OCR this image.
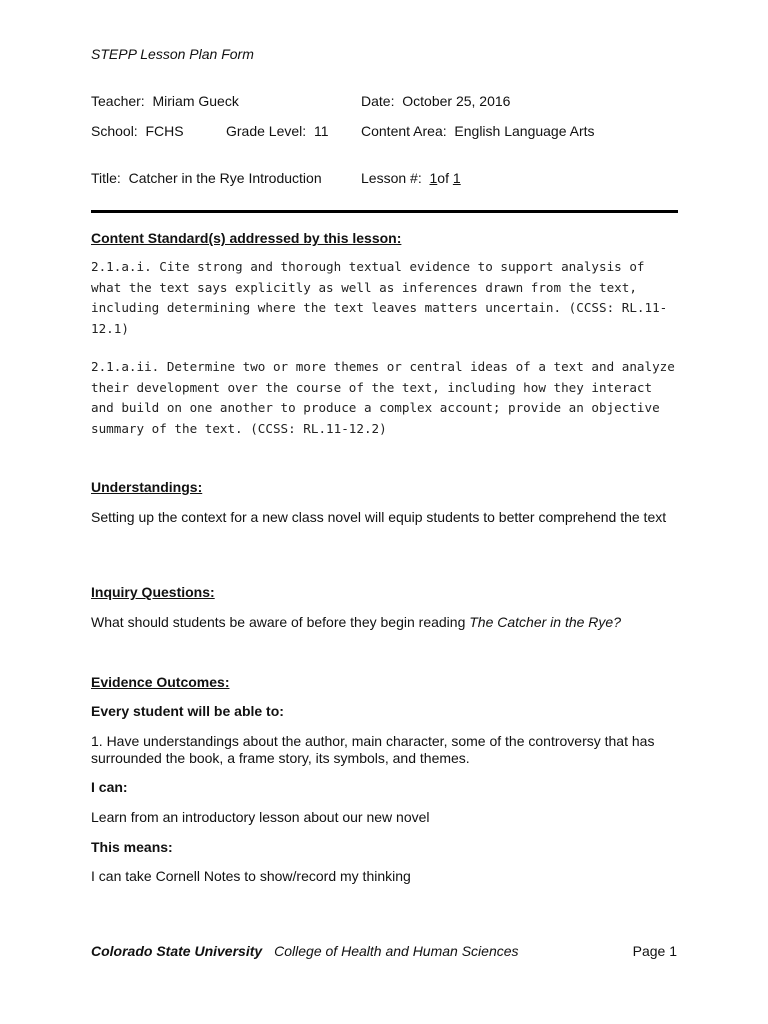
STEPP Lesson Plan Form
Teacher: Miriam Gueck	Date: October 25, 2016
School: FCHS	Grade Level: 11 Content Area: English Language Arts
Title: Catcher in the Rye Introduction	Lesson #: 1of 1
Content Standard(s) addressed by this lesson:
2.1.a.i. Cite strong and thorough textual evidence to support analysis of what the text says explicitly as well as inferences drawn from the text, including determining where the text leaves matters uncertain. (CCSS: RL.11-12.1)
2.1.a.ii. Determine two or more themes or central ideas of a text and analyze their development over the course of the text, including how they interact and build on one another to produce a complex account; provide an objective summary of the text. (CCSS: RL.11-12.2)
Understandings:
Setting up the context for a new class novel will equip students to better comprehend the text
Inquiry Questions:
What should students be aware of before they begin reading The Catcher in the Rye?
Evidence Outcomes:
Every student will be able to:
1. Have understandings about the author, main character, some of the controversy that has surrounded the book, a frame story, its symbols, and themes.
I can:
Learn from an introductory lesson about our new novel
This means:
I can take Cornell Notes to show/record my thinking
Colorado State University College of Health and Human Sciences	Page 1
